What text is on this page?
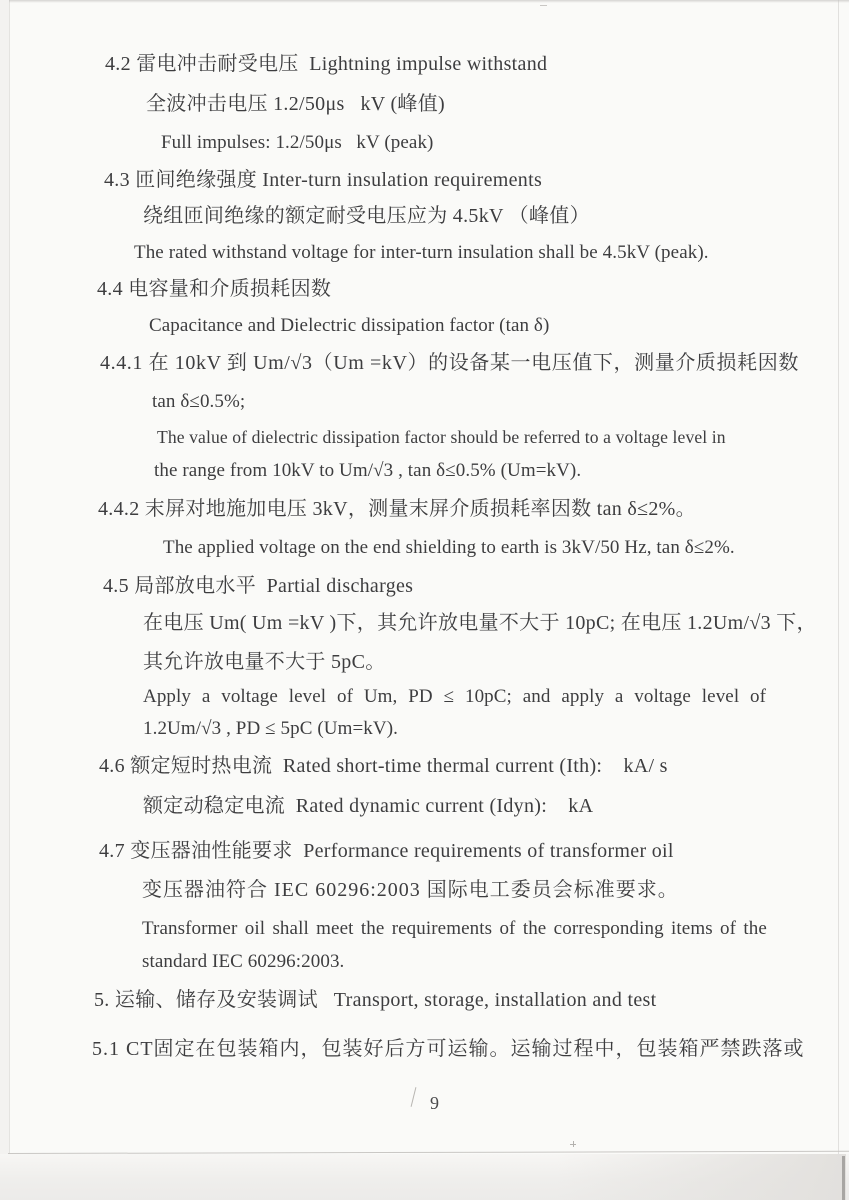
4.2 雷电冲击耐受电压  Lightning impulse withstand
全波冲击电压 1.2/50μs   kV (峰值)
Full impulses: 1.2/50μs   kV (peak)
4.3 匝间绝缘强度 Inter-turn insulation requirements
绕组匝间绝缘的额定耐受电压应为 4.5kV （峰值）
The rated withstand voltage for inter-turn insulation shall be 4.5kV (peak).
4.4 电容量和介质损耗因数
Capacitance and Dielectric dissipation factor (tan δ)
4.4.1 在 10kV 到 Um/√3（Um =kV）的设备某一电压值下，测量介质损耗因数
tan δ≤0.5%;
The value of dielectric dissipation factor should be referred to a voltage level in
the range from 10kV to Um/√3 , tan δ≤0.5% (Um=kV).
4.4.2 末屏对地施加电压 3kV，测量末屏介质损耗率因数 tan δ≤2%。
The applied voltage on the end shielding to earth is 3kV/50 Hz, tan δ≤2%.
4.5 局部放电水平  Partial discharges
在电压 Um( Um =kV )下，其允许放电量不大于 10pC; 在电压 1.2Um/√3 下，
其允许放电量不大于 5pC。
Apply a voltage level of Um, PD ≤ 10pC; and apply a voltage level of
1.2Um/√3 , PD ≤ 5pC (Um=kV).
4.6 额定短时热电流  Rated short-time thermal current (Ith):    kA/ s
额定动稳定电流  Rated dynamic current (Idyn):    kA
4.7 变压器油性能要求  Performance requirements of transformer oil
变压器油符合 IEC 60296:2003 国际电工委员会标准要求。
Transformer oil shall meet the requirements of the corresponding items of the
standard IEC 60296:2003.
5. 运输、储存及安装调试   Transport, storage, installation and test
5.1 CT固定在包装箱内，包装好后方可运输。运输过程中，包装箱严禁跌落或
9
